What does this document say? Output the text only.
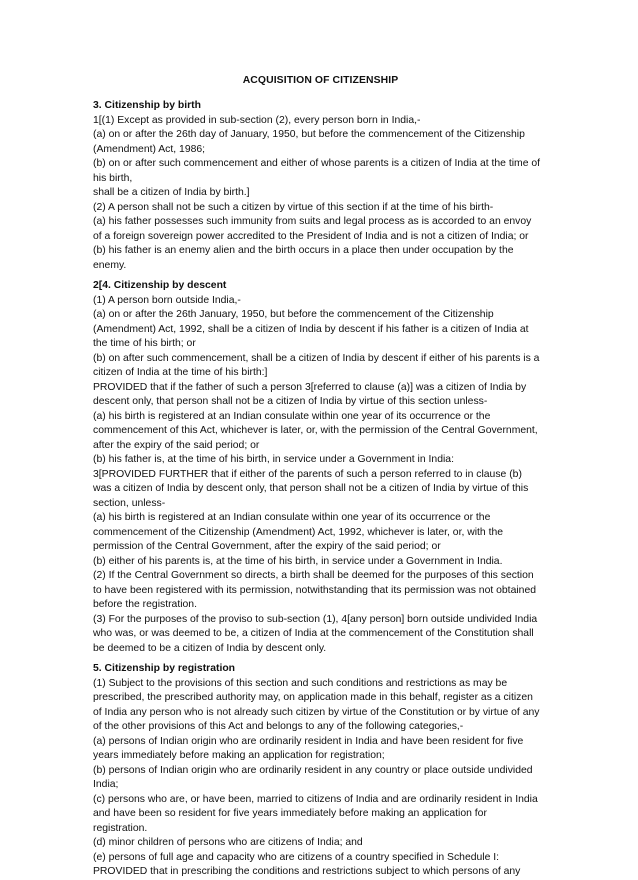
ACQUISITION OF CITIZENSHIP
3. Citizenship by birth
1[(1) Except as provided in sub-section (2), every person born in India,-
(a) on or after the 26th day of January, 1950, but before the commencement of the Citizenship
(Amendment) Act, 1986;
(b) on or after such commencement and either of whose parents is a citizen of India at the time of
his birth,
shall be a citizen of India by birth.]
(2) A person shall not be such a citizen by virtue of this section if at the time of his birth-
(a) his father possesses such immunity from suits and legal process as is accorded to an envoy
of a foreign sovereign power accredited to the President of India and is not a citizen of India; or
(b) his father is an enemy alien and the birth occurs in a place then under occupation by the
enemy.
2[4. Citizenship by descent
(1) A person born outside India,-
(a) on or after the 26th January, 1950, but before the commencement of the Citizenship
(Amendment) Act, 1992, shall be a citizen of India by descent if his father is a citizen of India at
the time of his birth; or
(b) on after such commencement, shall be a citizen of India by descent if either of his parents is a
citizen of India at the time of his birth:]
PROVIDED that if the father of such a person 3[referred to clause (a)] was a citizen of India by
descent only, that person shall not be a citizen of India by virtue of this section unless-
(a) his birth is registered at an Indian consulate within one year of its occurrence or the
commencement of this Act, whichever is later, or, with the permission of the Central Government,
after the expiry of the said period; or
(b) his father is, at the time of his birth, in service under a Government in India:
3[PROVIDED FURTHER that if either of the parents of such a person referred to in clause (b)
was a citizen of India by descent only, that person shall not be a citizen of India by virtue of this
section, unless-
(a) his birth is registered at an Indian consulate within one year of its occurrence or the
commencement of the Citizenship (Amendment) Act, 1992, whichever is later, or, with the
permission of the Central Government, after the expiry of the said period; or
(b) either of his parents is, at the time of his birth, in service under a Government in India.
(2) If the Central Government so directs, a birth shall be deemed for the purposes of this section
to have been registered with its permission, notwithstanding that its permission was not obtained
before the registration.
(3) For the purposes of the proviso to sub-section (1), 4[any person] born outside undivided India
who was, or was deemed to be, a citizen of India at the commencement of the Constitution shall
be deemed to be a citizen of India by descent only.
5. Citizenship by registration
(1) Subject to the provisions of this section and such conditions and restrictions as may be
prescribed, the prescribed authority may, on application made in this behalf, register as a citizen
of India any person who is not already such citizen by virtue of the Constitution or by virtue of any
of the other provisions of this Act and belongs to any of the following categories,-
(a) persons of Indian origin who are ordinarily resident in India and have been resident for five
years immediately before making an application for registration;
(b) persons of Indian origin who are ordinarily resident in any country or place outside undivided
India;
(c) persons who are, or have been, married to citizens of India and are ordinarily resident in India
and have been so resident for five years immediately before making an application for
registration.
(d) minor children of persons who are citizens of India; and
(e) persons of full age and capacity who are citizens of a country specified in Schedule I:
PROVIDED that in prescribing the conditions and restrictions subject to which persons of any
